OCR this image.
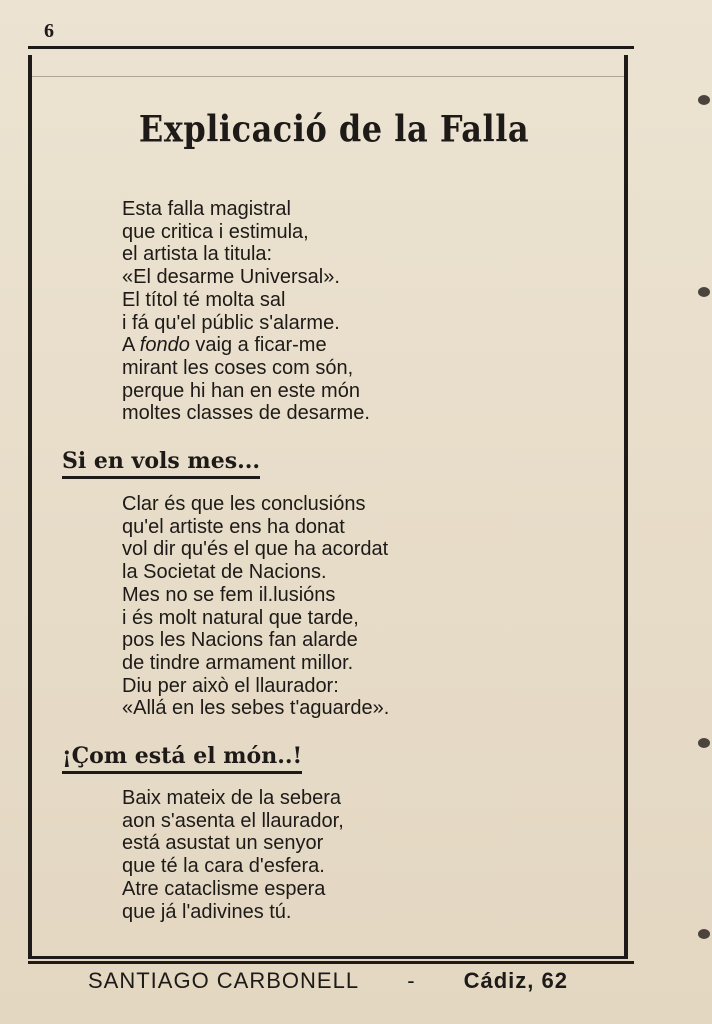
6
Explicació de la Falla
Esta falla magistral
que critica i estimula,
el artista la titula:
«El desarme Universal».
El títol té molta sal
i fá qu'el públic s'alarme.
A fondo vaig a ficar-me
mirant les coses com són,
perque hi han en este món
moltes classes de desarme.
Si en vols mes...
Clar és que les conclusións
qu'el artiste ens ha donat
vol dir qu'és el que ha acordat
la Societat de Nacions.
Mes no se fem il.lusións
i és molt natural que tarde,
pos les Nacions fan alarde
de tindre armament millor.
Diu per això el llaurador:
«Allá en les sebes t'aguarde».
¡Çom está el món..!
Baix mateix de la sebera
aon s'asenta el llaurador,
está asustat un senyor
que té la cara d'esfera.
Atre cataclisme espera
que já l'adivines tú.
SANTIAGO CARBONELL - Cádiz, 62
